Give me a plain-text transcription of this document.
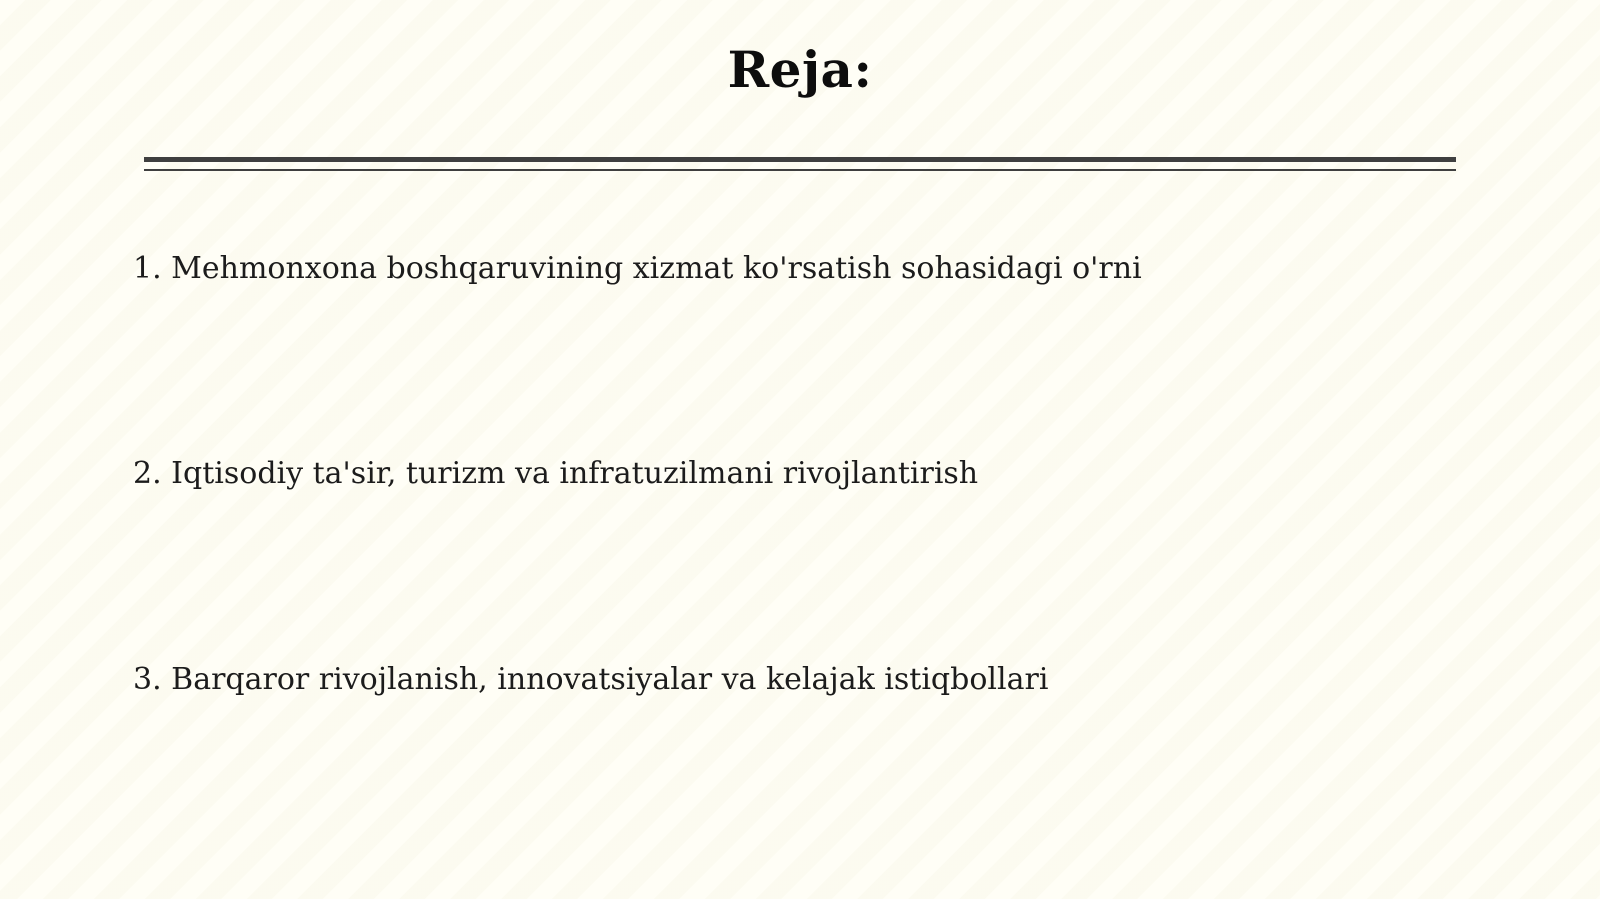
Reja:
1. Mehmonxona boshqaruvining xizmat ko'rsatish sohasidagi o'rni
2. Iqtisodiy ta'sir, turizm va infratuzilmani rivojlantirish
3. Barqaror rivojlanish, innovatsiyalar va kelajak istiqbollari
